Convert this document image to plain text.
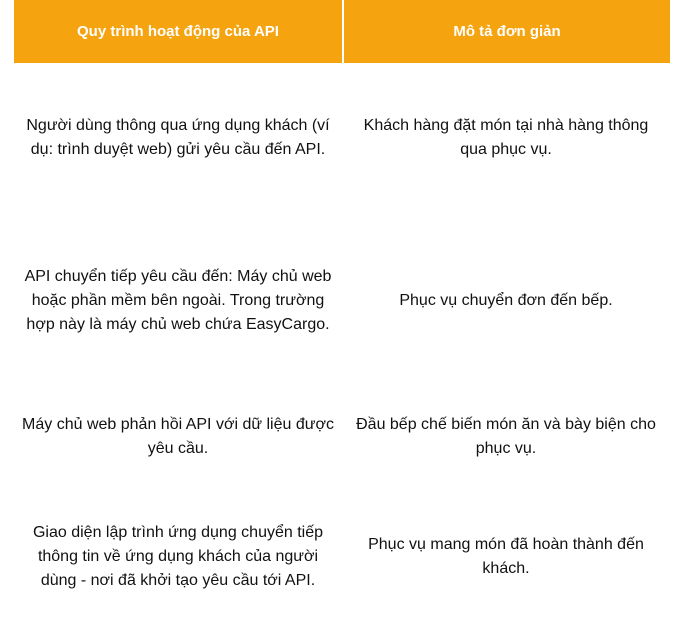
Quy trình hoạt động của API	Mô tả đơn giản
Người dùng thông qua ứng dụng khách (ví dụ: trình duyệt web) gửi yêu cầu đến API.
Khách hàng đặt món tại nhà hàng thông qua phục vụ.
API chuyển tiếp yêu cầu đến: Máy chủ web hoặc phần mềm bên ngoài. Trong trường hợp này là máy chủ web chứa EasyCargo.
Phục vụ chuyển đơn đến bếp.
Máy chủ web phản hồi API với dữ liệu được yêu cầu.
Đầu bếp chế biến món ăn và bày biện cho phục vụ.
Giao diện lập trình ứng dụng chuyển tiếp thông tin về ứng dụng khách của người dùng - nơi đã khởi tạo yêu cầu tới API.
Phục vụ mang món đã hoàn thành đến khách.
